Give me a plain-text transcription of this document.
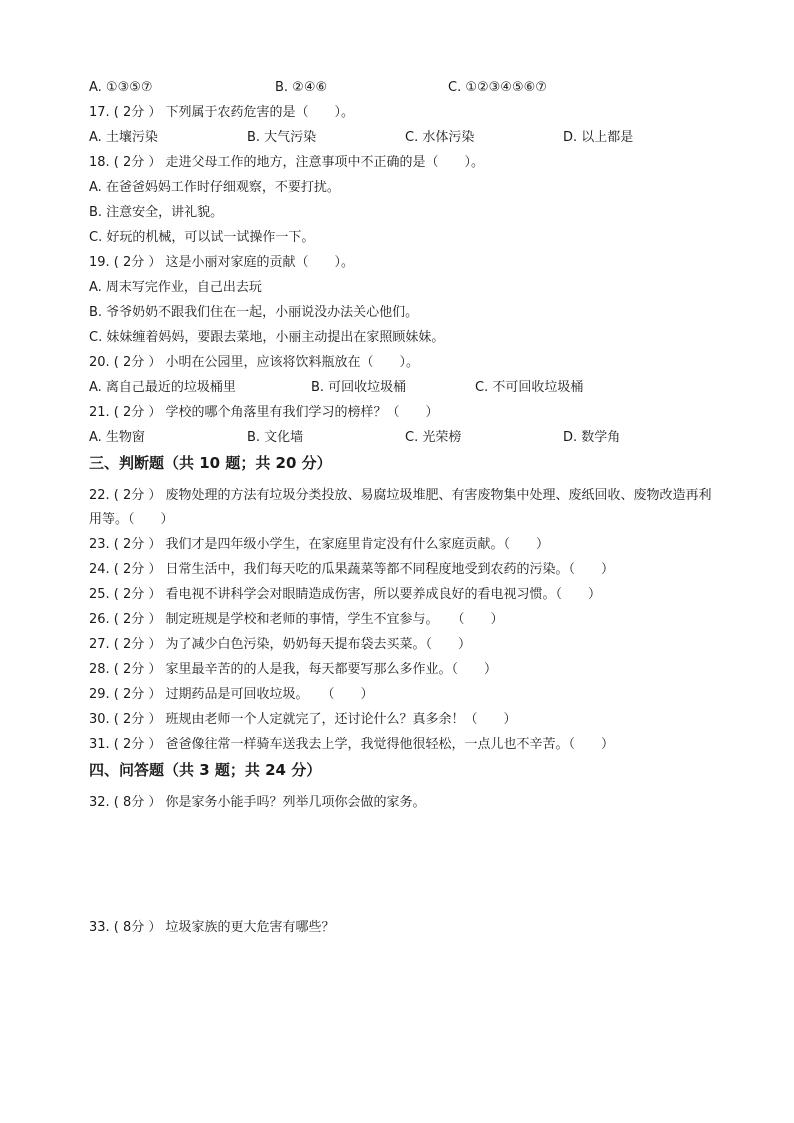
A. ①③⑤⑦	B. ②④⑥	C. ①②③④⑤⑥⑦
17. ( 2分 ） 下列属于农药危害的是（　　）。
A. 土壤污染	B. 大气污染	C. 水体污染	D. 以上都是
18. ( 2分 ） 走进父母工作的地方，注意事项中不正确的是（　　）。
A. 在爸爸妈妈工作时仔细观察，不要打扰。
B. 注意安全，讲礼貌。
C. 好玩的机械，可以试一试操作一下。
19. ( 2分 ） 这是小丽对家庭的贡献（　　）。
A. 周末写完作业，自己出去玩
B. 爷爷奶奶不跟我们住在一起，小丽说没办法关心他们。
C. 妹妹缠着妈妈，要跟去菜地，小丽主动提出在家照顾妹妹。
20. ( 2分 ） 小明在公园里，应该将饮料瓶放在（　　）。
A. 离自己最近的垃圾桶里	B. 可回收垃圾桶	C. 不可回收垃圾桶
21. ( 2分 ） 学校的哪个角落里有我们学习的榜样？（　　）
A. 生物窗	B. 文化墙	C. 光荣榜	D. 数学角
三、判断题（共 10 题；共 20 分）
22. ( 2分 ） 废物处理的方法有垃圾分类投放、易腐垃圾堆肥、有害废物集中处理、废纸回收、废物改造再利用等。（　　）
23. ( 2分 ） 我们才是四年级小学生，在家庭里肯定没有什么家庭贡献。（　　）
24. ( 2分 ） 日常生活中，我们每天吃的瓜果蔬菜等都不同程度地受到农药的污染。（　　）
25. ( 2分 ） 看电视不讲科学会对眼睛造成伤害，所以要养成良好的看电视习惯。（　　）
26. ( 2分 ） 制定班规是学校和老师的事情，学生不宜参与。　　（　　）
27. ( 2分 ） 为了减少白色污染，奶奶每天提布袋去买菜。（　　）
28. ( 2分 ） 家里最辛苦的的人是我，每天都要写那么多作业。（　　）
29. ( 2分 ） 过期药品是可回收垃圾。　　（　　）
30. ( 2分 ） 班规由老师一个人定就完了，还讨论什么？真多余！（　　）
31. ( 2分 ） 爸爸像往常一样骑车送我去上学，我觉得他很轻松，一点儿也不辛苦。（　　）
四、问答题（共 3 题；共 24 分）
32. ( 8分 ） 你是家务小能手吗？列举几项你会做的家务。
33. ( 8分 ） 垃圾家族的更大危害有哪些？
